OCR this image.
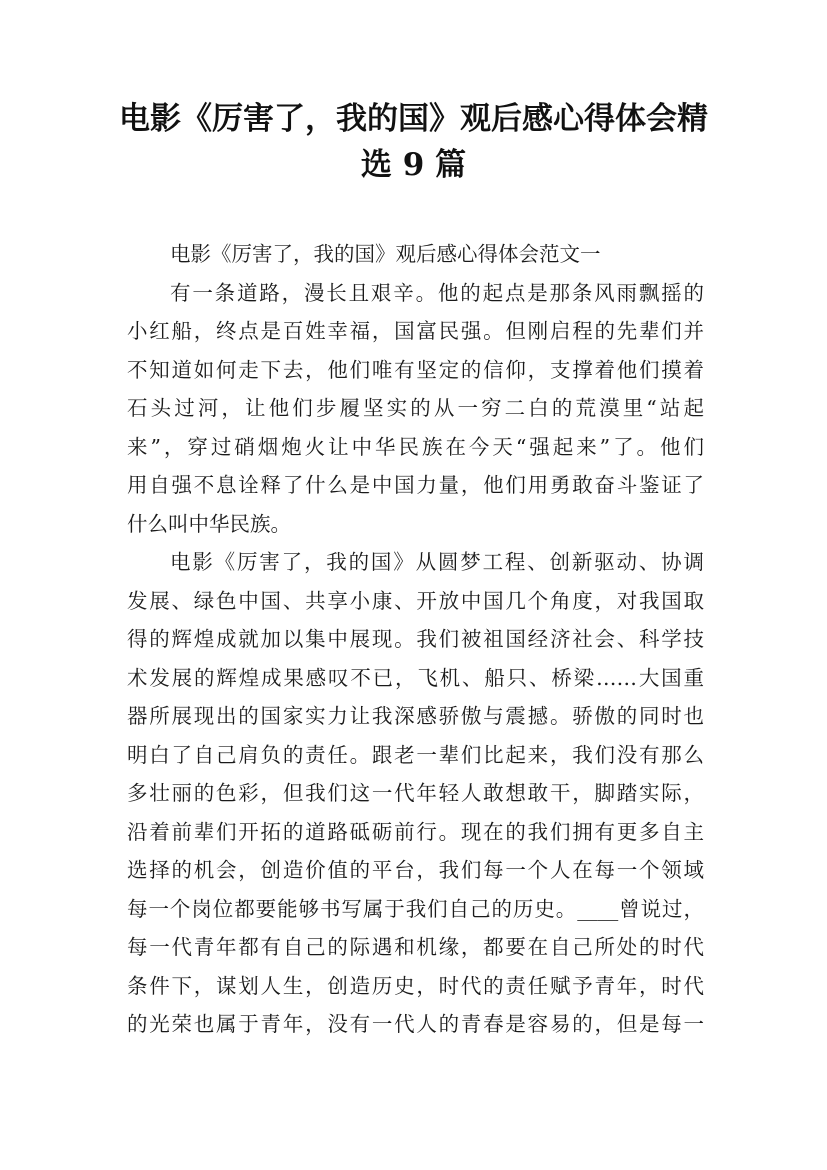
电影《厉害了，我的国》观后感心得体会精
选 9 篇
电影《厉害了，我的国》观后感心得体会范文一
有一条道路，漫长且艰辛。他的起点是那条风雨飘摇的
小红船，终点是百姓幸福，国富民强。但刚启程的先辈们并
不知道如何走下去，他们唯有坚定的信仰，支撑着他们摸着
石头过河，让他们步履坚实的从一穷二白的荒漠里“站起
来”，穿过硝烟炮火让中华民族在今天“强起来”了。他们
用自强不息诠释了什么是中国力量，他们用勇敢奋斗鉴证了
什么叫中华民族。
电影《厉害了，我的国》从圆梦工程、创新驱动、协调
发展、绿色中国、共享小康、开放中国几个角度，对我国取
得的辉煌成就加以集中展现。我们被祖国经济社会、科学技
术发展的辉煌成果感叹不已，飞机、船只、桥梁……大国重
器所展现出的国家实力让我深感骄傲与震撼。骄傲的同时也
明白了自己肩负的责任。跟老一辈们比起来，我们没有那么
多壮丽的色彩，但我们这一代年轻人敢想敢干，脚踏实际，
沿着前辈们开拓的道路砥砺前行。现在的我们拥有更多自主
选择的机会，创造价值的平台，我们每一个人在每一个领域
每一个岗位都要能够书写属于我们自己的历史。____曾说过，
每一代青年都有自己的际遇和机缘，都要在自己所处的时代
条件下，谋划人生，创造历史，时代的责任赋予青年，时代
的光荣也属于青年，没有一代人的青春是容易的，但是每一
